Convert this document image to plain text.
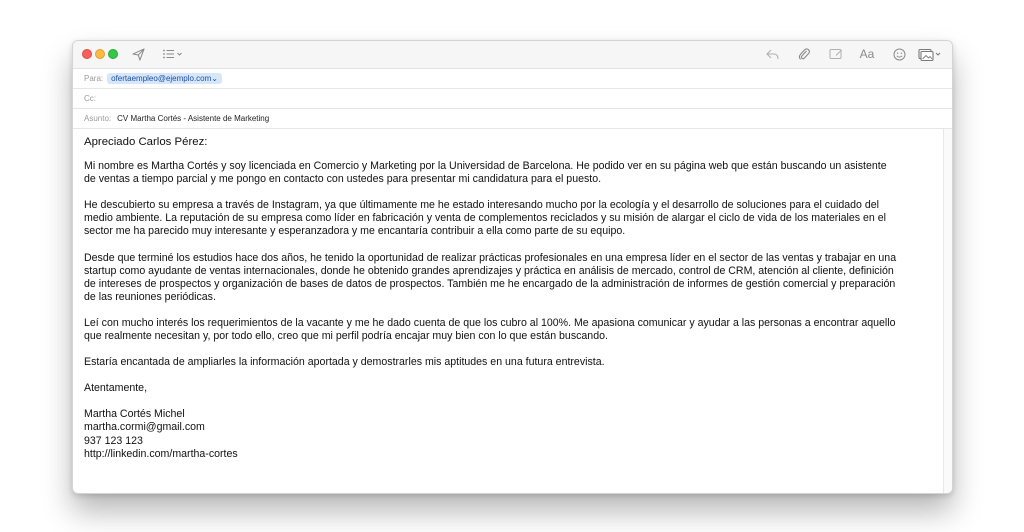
Aa
Para:	ofertaempleo@ejemplo.com⌄
Cc:
Asunto: CV Martha Cortés - Asistente de Marketing

Apreciado Carlos Pérez:

Mi nombre es Martha Cortés y soy licenciada en Comercio y Marketing por la Universidad de Barcelona. He podido ver en su página web que están buscando un asistente

de ventas a tiempo parcial y me pongo en contacto con ustedes para presentar mi candidatura para el puesto.

He descubierto su empresa a través de Instagram, ya que últimamente me he estado interesando mucho por la ecología y el desarrollo de soluciones para el cuidado del

medio ambiente. La reputación de su empresa como líder en fabricación y venta de complementos reciclados y su misión de alargar el ciclo de vida de los materiales en el

sector me ha parecido muy interesante y esperanzadora y me encantaría contribuir a ella como parte de su equipo.

Desde que terminé los estudios hace dos años, he tenido la oportunidad de realizar prácticas profesionales en una empresa líder en el sector de las ventas y trabajar en una

startup como ayudante de ventas internacionales, donde he obtenido grandes aprendizajes y práctica en análisis de mercado, control de CRM, atención al cliente, definición

de intereses de prospectos y organización de bases de datos de prospectos. También me he encargado de la administración de informes de gestión comercial y preparación

de las reuniones periódicas.

Leí con mucho interés los requerimientos de la vacante y me he dado cuenta de que los cubro al 100%. Me apasiona comunicar y ayudar a las personas a encontrar aquello

que realmente necesitan y, por todo ello, creo que mi perfil podría encajar muy bien con lo que están buscando.

Estaría encantada de ampliarles la información aportada y demostrarles mis aptitudes en una futura entrevista.

Atentamente,

Martha Cortés Michel

martha.cormi@gmail.com

937 123 123

http://linkedin.com/martha-cortes
